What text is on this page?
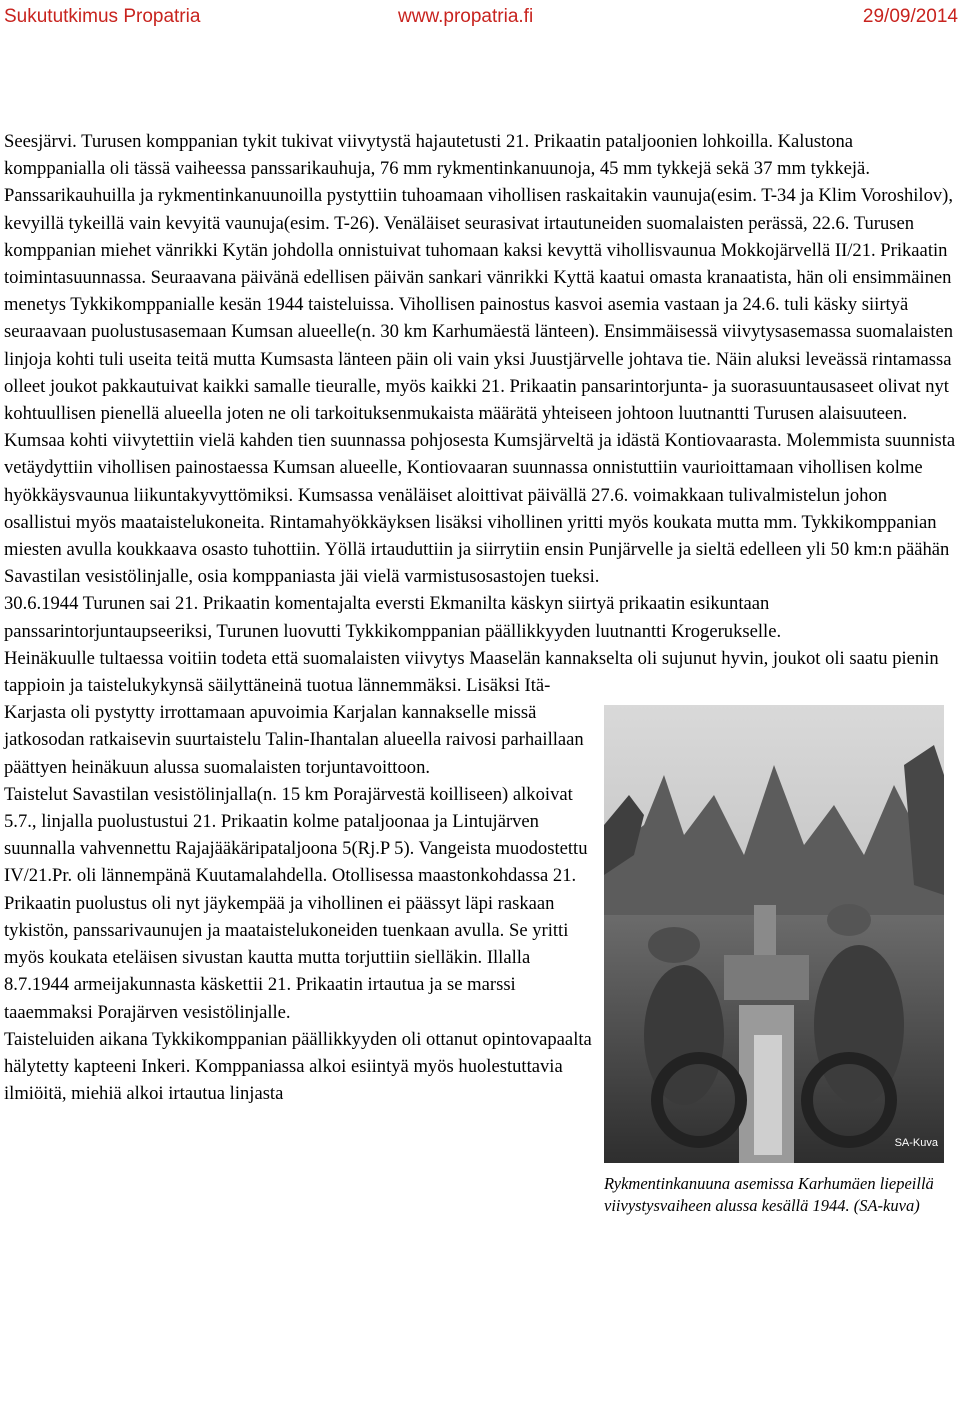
Sukututkimus Propatria	www.propatria.fi	29/09/2014
SA-Kuva
Rykmentinkanuuna asemissa Karhumäen liepeillä viivystysvaiheen alussa kesällä 1944. (SA-kuva)

Seesjärvi. Turusen komppanian tykit tukivat viivytystä hajautetusti 21. Prikaatin pataljoonien lohkoilla. Kalustona komppanialla oli tässä vaiheessa panssarikauhuja, 76 mm rykmentinkanuunoja, 45 mm tykkejä sekä 37 mm tykkejä. Panssarikauhuilla ja rykmentinkanuunoilla pystyttiin tuhoamaan vihollisen raskaitakin vaunuja(esim. T-34 ja Klim Voroshilov), kevyillä tykeillä vain kevyitä vaunuja(esim. T-26). Venäläiset seurasivat irtautuneiden suomalaisten perässä, 22.6. Turusen komppanian miehet vänrikki Kytän johdolla onnistuivat tuhomaan kaksi kevyttä vihollisvaunua Mokkojärvellä II/21. Prikaatin toimintasuunnassa. Seuraavana päivänä edellisen päivän sankari vänrikki Kyttä kaatui omasta kranaatista, hän oli ensimmäinen menetys Tykkikomppanialle kesän 1944 taisteluissa. Vihollisen painostus kasvoi asemia vastaan ja 24.6. tuli käsky siirtyä seuraavaan puolustusasemaan Kumsan alueelle(n. 30 km Karhumäestä länteen). Ensimmäisessä viivytysasemassa suomalaisten linjoja kohti tuli useita teitä mutta Kumsasta länteen päin oli vain yksi Juustjärvelle johtava tie. Näin aluksi leveässä rintamassa olleet joukot pakkautuivat kaikki samalle tieuralle, myös kaikki 21. Prikaatin pansarintorjunta- ja suorasuuntausaseet olivat nyt kohtuullisen pienellä alueella joten ne oli tarkoituksenmukaista määrätä yhteiseen johtoon luutnantti Turusen alaisuuteen. Kumsaa kohti viivytettiin vielä kahden tien suunnassa pohjosesta Kumsjärveltä ja idästä Kontiovaarasta. Molemmista suunnista vetäydyttiin vihollisen painostaessa Kumsan alueelle, Kontiovaaran suunnassa onnistuttiin vaurioittamaan vihollisen kolme hyökkäysvaunua liikuntakyvyttömiksi. Kumsassa venäläiset aloittivat päivällä 27.6. voimakkaan tulivalmistelun johon osallistui myös maataistelukoneita. Rintamahyökkäyksen lisäksi vihollinen yritti myös koukata mutta mm. Tykkikomppanian miesten avulla koukkaava osasto tuhottiin. Yöllä irtauduttiin ja siirrytiin ensin Punjärvelle ja sieltä edelleen yli 50 km:n päähän Savastilan vesistölinjalle, osia komppaniasta jäi vielä varmistusosastojen tueksi.

30.6.1944 Turunen sai 21. Prikaatin komentajalta eversti Ekmanilta käskyn siirtyä prikaatin esikuntaan panssarintorjuntaupseeriksi, Turunen luovutti Tykkikomppanian päällikkyyden luutnantti Krogerukselle.

Heinäkuulle tultaessa voitiin todeta että suomalaisten viivytys Maaselän kannakselta oli sujunut hyvin, joukot oli saatu pienin tappioin ja taistelukykynsä säilyttäneinä tuotua lännemmäksi. Lisäksi Itä-Karjasta oli pystytty irrottamaan apuvoimia Karjalan kannakselle missä jatkosodan ratkaisevin suurtaistelu Talin-Ihantalan alueella raivosi parhaillaan päättyen heinäkuun alussa suomalaisten torjuntavoittoon.

Taistelut Savastilan vesistölinjalla(n. 15 km Porajärvestä koilliseen) alkoivat 5.7., linjalla puolustustui 21. Prikaatin kolme pataljoonaa ja Lintujärven suunnalla vahvennettu Rajajääkäripataljoona 5(Rj.P 5). Vangeista muodostettu IV/21.Pr. oli lännempänä Kuutamalahdella. Otollisessa maastonkohdassa 21. Prikaatin puolustus oli nyt jäykempää ja vihollinen ei päässyt läpi raskaan tykistön, panssarivaunujen ja maataistelukoneiden tuenkaan avulla. Se yritti myös koukata eteläisen sivustan kautta mutta torjuttiin sielläkin. Illalla 8.7.1944 armeijakunnasta käskettii 21. Prikaatin irtautua ja se marssi taaemmaksi Porajärven vesistölinjalle.

Taisteluiden aikana Tykkikomppanian päällikkyyden oli ottanut opintovapaalta hälytetty kapteeni Inkeri. Komppaniassa alkoi esiintyä myös huolestuttavia ilmiöitä, miehiä alkoi irtautua linjasta
